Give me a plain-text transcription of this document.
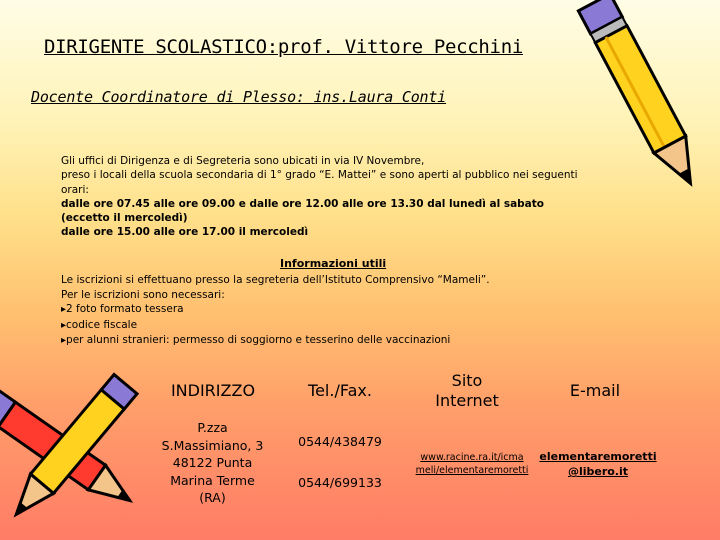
DIRIGENTE SCOLASTICO:prof. Vittore Pecchini
Docente Coordinatore di Plesso: ins.Laura Conti
Gli uffici di Dirigenza e di Segreteria sono ubicati in via IV Novembre,
preso i locali della scuola secondaria di 1° grado “E. Mattei” e sono aperti al pubblico nei seguenti
orari:
dalle ore 07.45 alle ore 09.00 e dalle ore 12.00 alle ore 13.30 dal lunedì al sabato
(eccetto il mercoledì)
dalle ore 15.00 alle ore 17.00 il mercoledì
Informazioni utili
Le iscrizioni si effettuano presso la segreteria dell’Istituto Comprensivo “Mameli”.
Per le iscrizioni sono necessari:
▸ 2 foto formato tessera
▸ codice fiscale
▸ per alunni stranieri: permesso di soggiorno e tesserino delle vaccinazioni
INDIRIZZO	Tel./Fax.
Sito
Internet
E-mail
P.zza
S.Massimiano, 3
48122 Punta
Marina Terme
(RA)
0544/438479
0544/699133
www.racine.ra.it/icma
meli/elementaremoretti
elementaremoretti
@libero.it
